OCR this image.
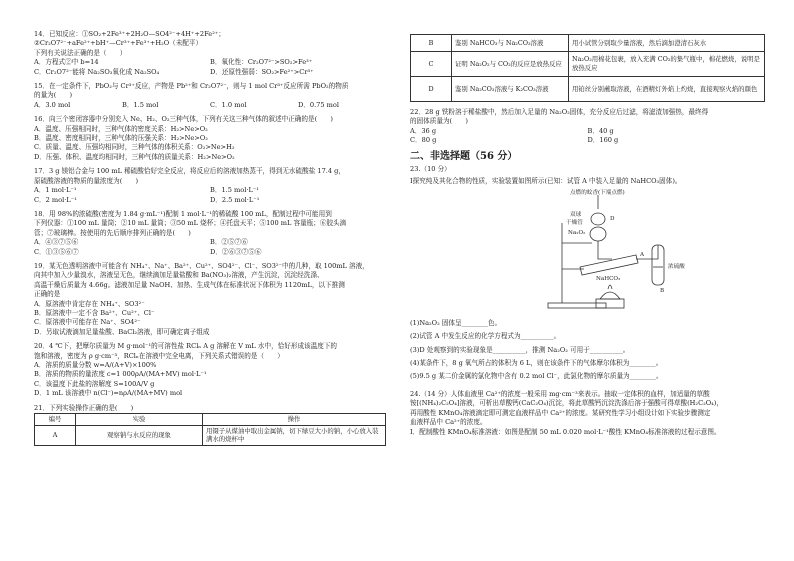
14．已知反应：①SO₂+2Fe³⁺+2H₂O—SO4²⁻+4H⁺+2Fe²⁺；
②Cr₂O7²⁻+aFe²⁺+bH⁺—Cr³⁺+Fe³⁺+H₂O（未配平）
下列有关说法正确的是（　　）
A．方程式②中 b=14	B．氧化性：Cr₂O7²⁻>SO₂>Fe³⁺
C．Cr₂O7²⁻能将 Na₂SO₃氧化成 Na₂SO₄	D．还原性强弱：SO₂>Fe²⁺>Cr³⁺
15．在一定条件下，PbO₂与 Cr³⁺反应，产物是 Pb²⁺和 Cr₂O7²⁻，则与 1 mol Cr³⁺反应所需 PbO₂的物质
的量为(　　)
A．3.0 mol	B．1.5 mol	C．1.0 mol	D．0.75 mol
16．向三个密闭容器中分别充入 Ne、H₂、O₂三种气体，下列有关这三种气体的叙述中正确的是(　　)
A．温度、压强相同时，三种气体的密度关系：H₂>Ne>O₂
B．温度、密度相同时，三种气体的压强关系：H₂>Ne>O₂
C．质量、温度、压强均相同时，三种气体的体积关系：O₂>Ne>H₂
D．压强、体积、温度均相同时，三种气体的质量关系：H₂>Ne>O₂
17．3 g 镁铝合金与 100 mL 稀硫酸恰好完全反应，将反应后的溶液加热蒸干，得到无水硫酸盐 17.4 g，
原硫酸溶液的物质的量浓度为(　　)
A．1 mol·L⁻¹	B．1.5 mol·L⁻¹
C．2 mol·L⁻¹	D．2.5 mol·L⁻¹
18．用 98%的浓硫酸(密度为 1.84 g·mL⁻¹)配制 1 mol·L⁻¹的稀硫酸 100 mL，配制过程中可能用到
下列仪器：①100 mL 量筒；②10 mL 量筒；③50 mL 烧杯；④托盘天平；⑤100 mL 容量瓶；⑥胶头滴
管；⑦玻璃棒。按使用的先后顺序排列正确的是(　　)
A．④③⑦⑤⑥	B．②⑤⑦⑥
C．①③⑤⑥⑦	D．②⑥③⑦⑤⑥
19．某无色透明溶液中可能含有 NH₄⁺、Na⁺、Ba²⁺、Cu²⁺、SO4²⁻、Cl⁻、SO3²⁻中的几种，取 100mL 溶液，
向其中加入少量溴水，溶液呈无色，继续滴加足量盐酸和 Ba(NO₃)₂溶液，产生沉淀，沉淀经洗涤、
高温干燥后质量为 4.66g。滤液加足量 NaOH、加热、生成气体在标准状况下体积为 1120mL，以下推测
正确的是
A．原溶液中肯定存在 NH₄⁺、SO3²⁻
B．原溶液中一定不含 Ba²⁺、Cu²⁺、Cl⁻
C．原溶液中可能存在 Na⁺、SO4²⁻
D．另取试液滴加足量盐酸、BaCl₂溶液，即可确定离子组成
20．4 ℃下，把摩尔质量为 M g·mol⁻¹的可溶性盐 RClₙ A g 溶解在 V mL 水中，恰好形成该温度下的
饱和溶液，密度为 ρ g·cm⁻³，RClₙ在溶液中完全电离，下列关系式错误的是（　　）
A．溶质的质量分数 w=A/(A+V)×100%
B．溶质的物质的量浓度 c=1 000ρA/(MA+MV) mol·L⁻¹
C．该温度下此盐的溶解度 S=100A/V g
D．1 mL 该溶液中 n(Cl⁻)=nρA/(MA+MV) mol
21．下列实验操作正确的是(　　)
编号	实验	操作
A	观察钠与水反应的现象	用镊子从煤油中取出金属钠，切下绿豆大小的钠，小心放入装满水的烧杯中
B	鉴别 NaHCO₃与 Na₂CO₃溶液	用小试管分别取少量溶液，然后滴加澄清石灰水
C	证明 Na₂O₂与 CO₂的反应是放热反应	Na₂O₂用棉花包裹，放入充满 CO₂的集气瓶中，棉花燃烧，说明是放热反应
D	鉴别 Na₂CO₃溶液与 K₂CO₃溶液	用铂丝分别蘸取溶液，在酒精灯外焰上灼烧，直接观察火焰的颜色
22．28 g 铁粉溶于稀盐酸中，然后加入足量的 Na₂O₂固体，充分反应后过滤，将滤渣加强热，最终得
的固体质量为(　　)
A．36 g	B．40 g
C．80 g	D．160 g
二、非选择题（56 分）
23.（10 分）
Ⅰ探究纯及其化合物的性质，实验装置如图所示(已知：试管 A 中装入足量的 NaHCO₃固体)。
点燃的蚊香(下端点燃)
双球
干燥管
Na₂O₂
D
NaHCO₃
浓硫酸
B
A
(1)Na₂O₂ 固体呈________色。
(2)试管 A 中发生反应的化学方程式为__________。
(3)D 处观察到的实验现象是__________，推测 Na₂O₂ 可用于__________。
(4)某条件下，8 g 氧气所占的体积为 6 L，则在该条件下的气体摩尔体积为________。
(5)9.5 g 某二价金属的氯化物中含有 0.2 mol Cl⁻，此氯化物的摩尔质量为________。
24.（14 分）人体血液里 Ca²⁺的浓度一般采用 mg·cm⁻³来表示。抽取一定体积的血样，加适量的草酸
铵[(NH₄)₂C₂O₄]溶液，可析出草酸钙(CaC₂O₄)沉淀，将此草酸钙沉淀洗涤后溶于强酸可得草酸(H₂C₂O₄)，
再用酸性 KMnO₄溶液滴定即可测定血液样品中 Ca²⁺的浓度。某研究性学习小组设计如下实验步骤测定
血液样品中 Ca²⁺的浓度。
Ⅰ．配制酸性 KMnO₄标准溶液：如图是配制 50 mL 0.020 mol·L⁻¹酸性 KMnO₄标准溶液的过程示意图。
